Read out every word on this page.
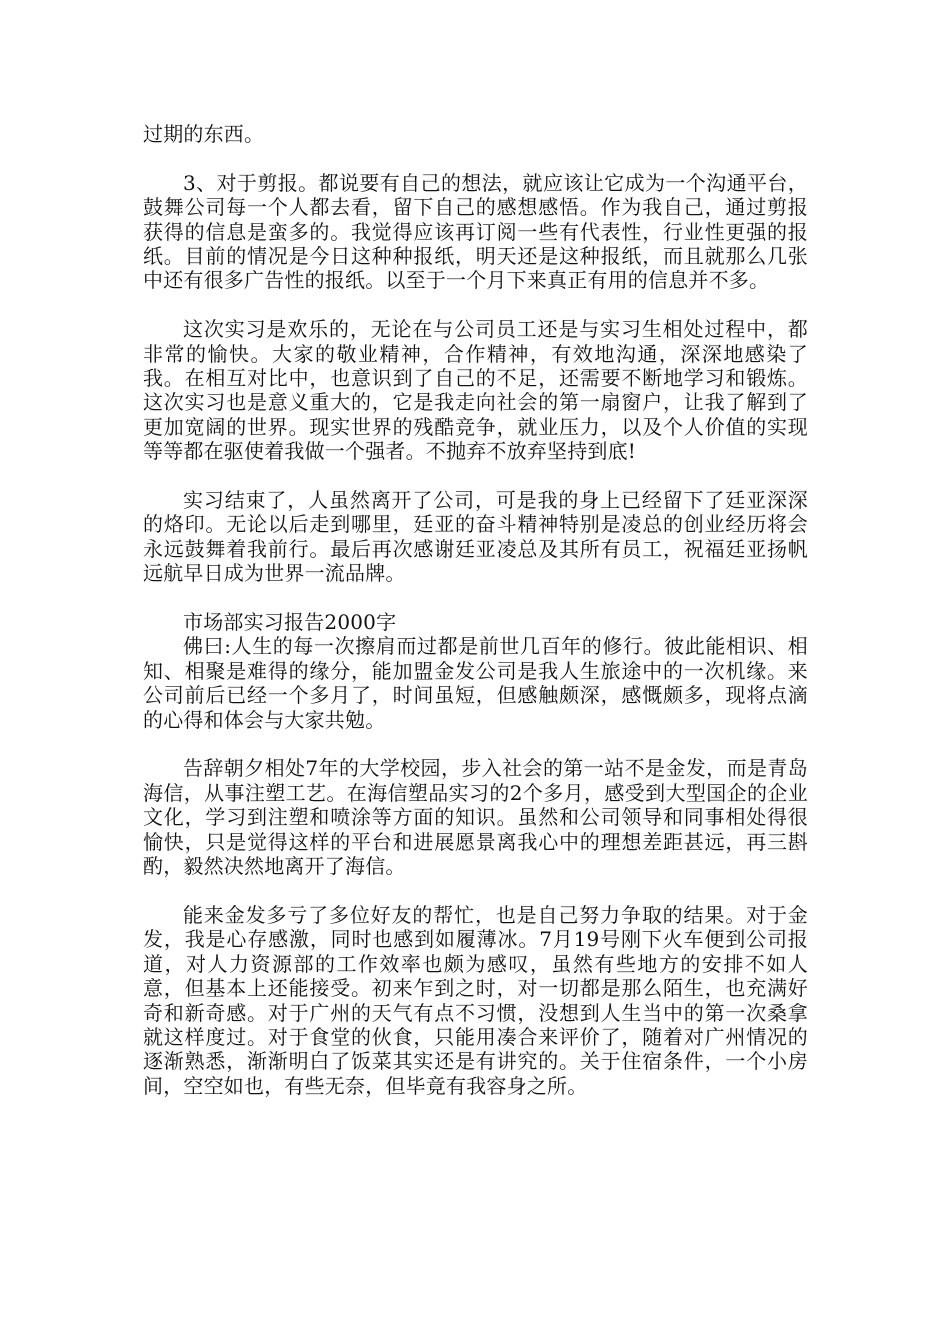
过期的东西。

3、对于剪报。都说要有自己的想法，就应该让它成为一个沟通平台，鼓舞公司每一个人都去看，留下自己的感想感悟。作为我自己，通过剪报获得的信息是蛮多的。我觉得应该再订阅一些有代表性，行业性更强的报纸。目前的情况是今日这种种报纸，明天还是这种报纸，而且就那么几张中还有很多广告性的报纸。以至于一个月下来真正有用的信息并不多。

这次实习是欢乐的，无论在与公司员工还是与实习生相处过程中，都非常的愉快。大家的敬业精神，合作精神，有效地沟通，深深地感染了我。在相互对比中，也意识到了自己的不足，还需要不断地学习和锻炼。这次实习也是意义重大的，它是我走向社会的第一扇窗户，让我了解到了更加宽阔的世界。现实世界的残酷竞争，就业压力，以及个人价值的实现等等都在驱使着我做一个强者。不抛弃不放弃坚持到底!

实习结束了，人虽然离开了公司，可是我的身上已经留下了廷亚深深的烙印。无论以后走到哪里，廷亚的奋斗精神特别是凌总的创业经历将会永远鼓舞着我前行。最后再次感谢廷亚凌总及其所有员工，祝福廷亚扬帆远航早日成为世界一流品牌。

市场部实习报告2000字

佛曰:人生的每一次擦肩而过都是前世几百年的修行。彼此能相识、相知、相聚是难得的缘分，能加盟金发公司是我人生旅途中的一次机缘。来公司前后已经一个多月了，时间虽短，但感触颇深，感慨颇多，现将点滴的心得和体会与大家共勉。

告辞朝夕相处7年的大学校园，步入社会的第一站不是金发，而是青岛海信，从事注塑工艺。在海信塑品实习的2个多月，感受到大型国企的企业文化，学习到注塑和喷涂等方面的知识。虽然和公司领导和同事相处得很愉快，只是觉得这样的平台和进展愿景离我心中的理想差距甚远，再三斟酌，毅然决然地离开了海信。

能来金发多亏了多位好友的帮忙，也是自己努力争取的结果。对于金发，我是心存感激，同时也感到如履薄冰。7月19号刚下火车便到公司报道，对人力资源部的工作效率也颇为感叹，虽然有些地方的安排不如人意，但基本上还能接受。初来乍到之时，对一切都是那么陌生，也充满好奇和新奇感。对于广州的天气有点不习惯，没想到人生当中的第一次桑拿就这样度过。对于食堂的伙食，只能用凑合来评价了，随着对广州情况的逐渐熟悉，渐渐明白了饭菜其实还是有讲究的。关于住宿条件，一个小房间，空空如也，有些无奈，但毕竟有我容身之所。
